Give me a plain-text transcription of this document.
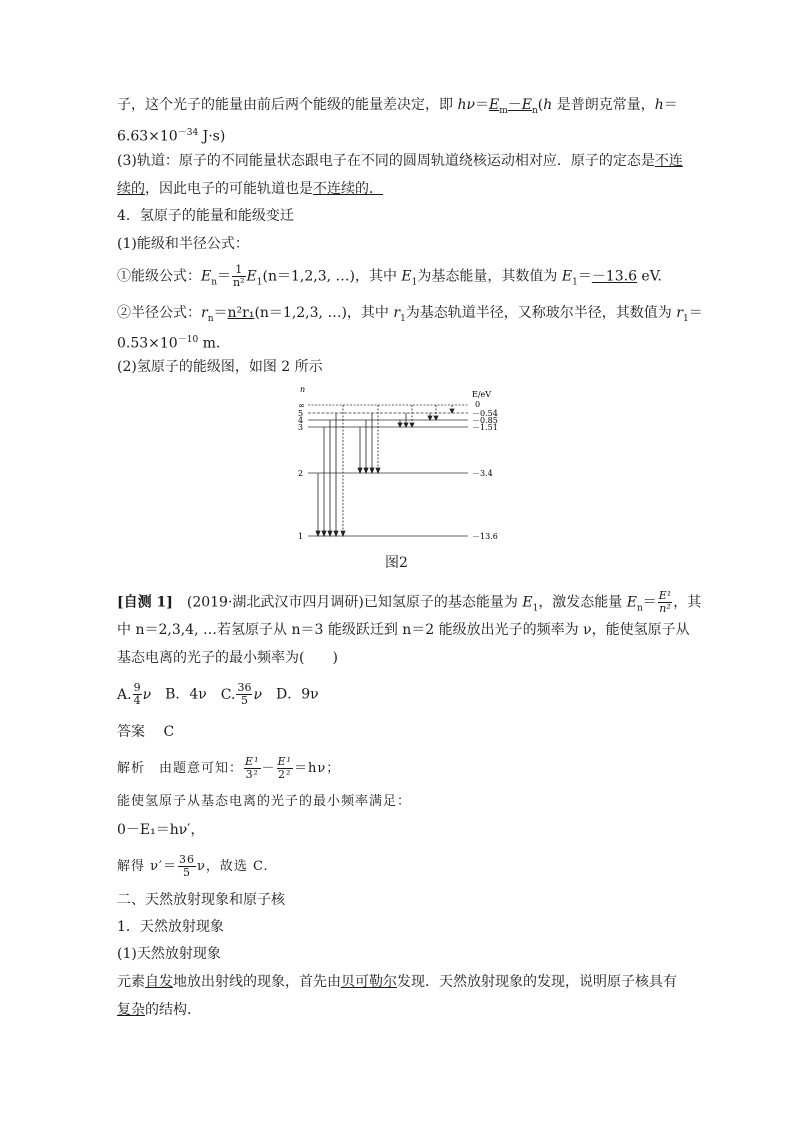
子，这个光子的能量由前后两个能级的能量差决定，即 $h\nu=E_m-E_n(h$ 是普朗克常量，h＝
$6.63\times 10^{-34}$ J·s)
(3)轨道：原子的不同能量状态跟电子在不同的圆周轨道绕核运动相对应．原子的定态是不连
续的，因此电子的可能轨道也是不连续的．
4．氢原子的能量和能级变迁
(1)能级和半径公式：
①能级公式：$E_n= \frac{1}{\text{n²}} E_1(n=1,2,3$, …)，其中 $E_1$为基态能量，其数值为 $E_1=-13.6$ eV.
②半径公式：$r_n=n^2r_1(n=1,2,3$, …)，其中 $r_1$为基态轨道半径，又称玻尔半径，其数值为 $r_1=$
$0.53\times 10^{-10}$ m.
(2)氢原子的能级图，如图 2 所示
n
E/eV
∞
5
4
3
2
1
0
－0.54
－0.85
－1.51
－3.4
－13.6
图2
[自测 1]　 (2019·湖北武汉市四月调研)已知氢原子的基态能量为 $E_1$，激发态能量 $E_n= \frac{\text{E¹}}{\text{n²}}$ ，其
中 n＝2,3,4, …若氢原子从 n＝3 能级跃迁到 n＝2 能级放出光子的频率为 ν，能使氢原子从
基态电离的光子的最小频率为(　　)
A. $\frac{9}{4}$ ν　 B．4ν　 C. $\frac{36}{5}$ ν　 D．9ν
答案　 C
解析　 由题意可知： $\frac{\text{E¹}}{\text{3²}} - \frac{\text{E¹}}{\text{2²}} =h\nu$；
能使氢原子从基态电离的光子的最小频率满足：
0－E₁＝hν′，
解得 $\nu'= \frac{36}{5}$ ν，故选 C.
二、天然放射现象和原子核
1．天然放射现象
(1)天然放射现象
元素自发地放出射线的现象，首先由贝可勒尔发现．天然放射现象的发现，说明原子核具有
复杂的结构．
